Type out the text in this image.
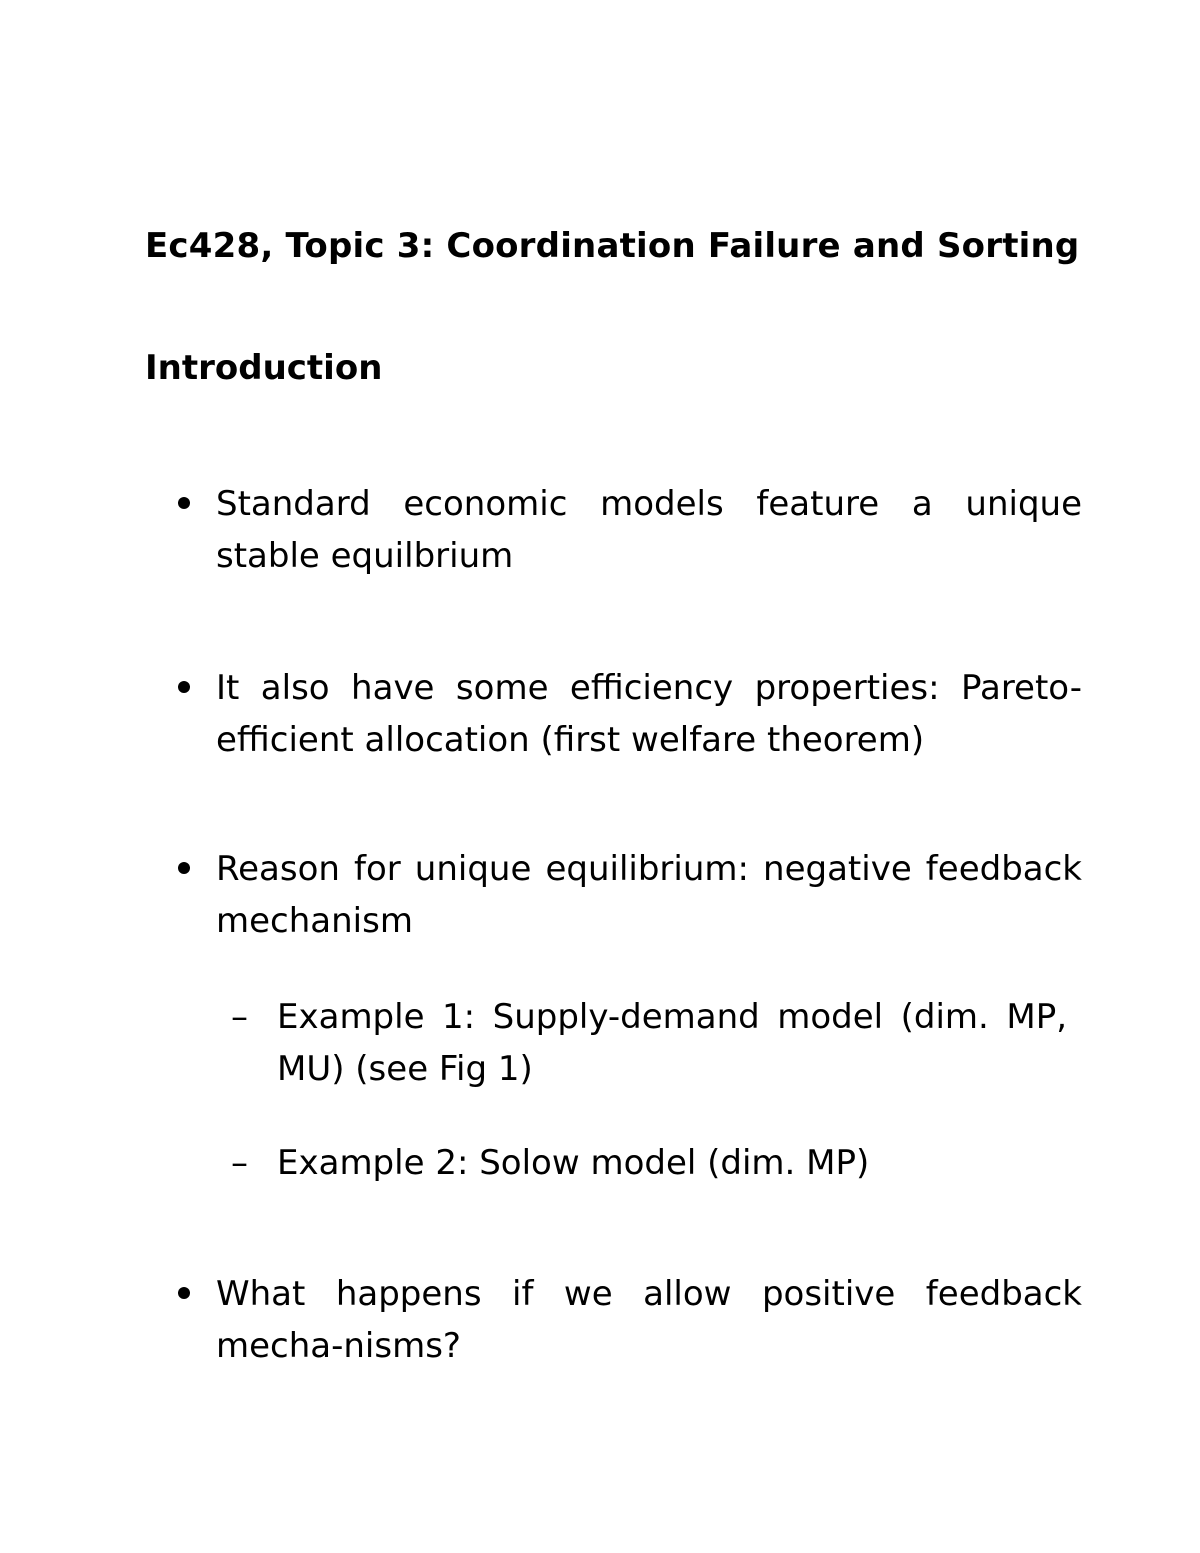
Ec428, Topic 3: Coordination Failure and Sorting
Introduction
Standard economic models feature a unique stable equilbrium
It also have some efficiency properties: Pareto-efficient allocation (first welfare theorem)
Reason for unique equilibrium: negative feedback mechanism
– Example 1: Supply-demand model (dim. MP, MU) (see Fig 1)
– Example 2: Solow model (dim. MP)
What happens if we allow positive feedback mecha-nisms?
